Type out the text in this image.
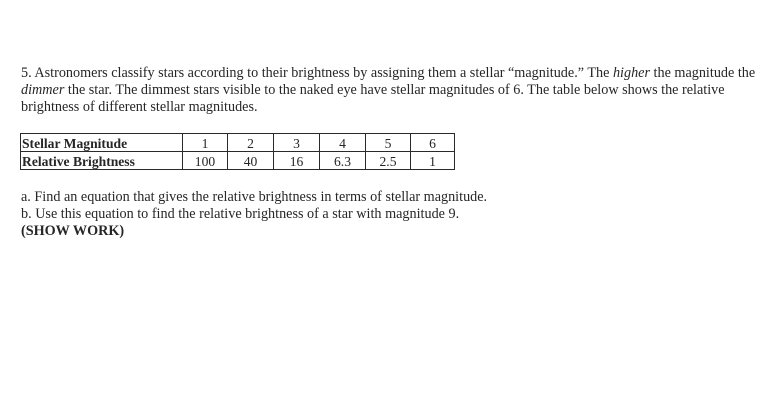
5. Astronomers classify stars according to their brightness by assigning them a stellar “magnitude.” The higher the magnitude the dimmer the star. The dimmest stars visible to the naked eye have stellar magnitudes of 6. The table below shows the relative brightness of different stellar magnitudes.

Stellar Magnitude	1	2	3	4	5	6
Relative Brightness	100	40	16	6.3	2.5	1

a. Find an equation that gives the relative brightness in terms of stellar magnitude.

b. Use this equation to find the relative brightness of a star with magnitude 9.

(SHOW WORK)
